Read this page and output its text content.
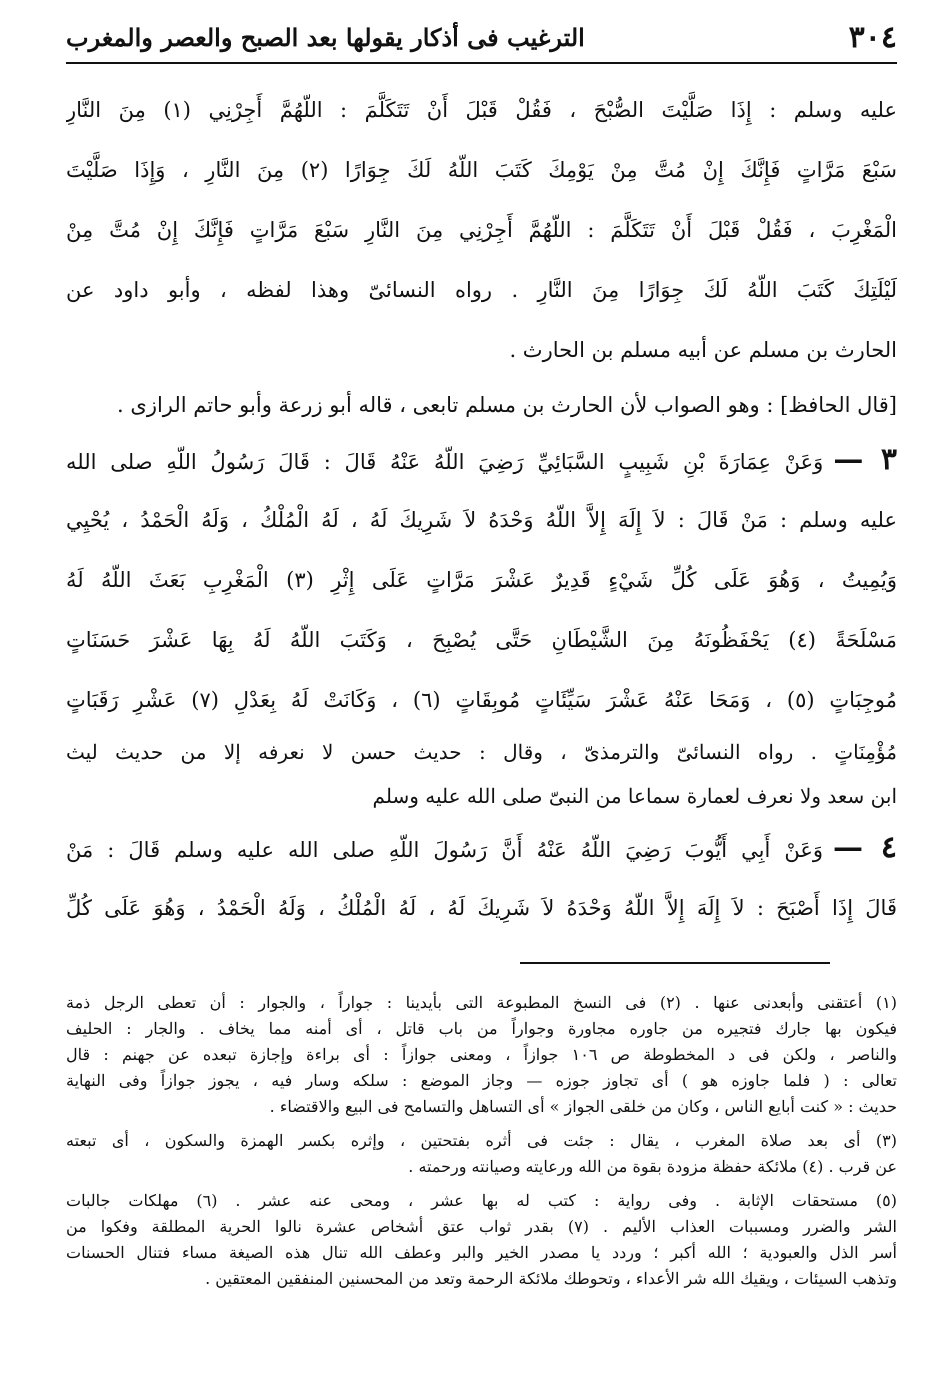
٣٠٤
الترغيب فى أذكار يقولها بعد الصبح والعصر والمغرب
عليه وسلم : إِذَا صَلَّيْتَ الصُّبْحَ ، فَقُلْ قَبْلَ أَنْ تَتَكَلَّمَ : اللّهُمَّ أَجِرْنِي (١) مِنَ النَّارِ
سَبْعَ مَرَّاتٍ فَإِنَّكَ إِنْ مُتَّ مِنْ يَوْمِكَ كَتَبَ اللّهُ لَكَ جِوَارًا (٢) مِنَ النَّارِ ، وَإِذَا صَلَّيْتَ
الْمَغْرِبَ ، فَقُلْ قَبْلَ أَنْ تَتَكَلَّمَ : اللّهُمَّ أَجِرْنِي مِنَ النَّارِ سَبْعَ مَرَّاتٍ فَإِنَّكَ إِنْ مُتَّ مِنْ
لَيْلَتِكَ كَتَبَ اللّهُ لَكَ جِوَارًا مِنَ النَّارِ . رواه النسائىّ وهذا لفظه ، وأبو داود عن
الحارث بن مسلم عن أبيه مسلم بن الحارث .
[قال الحافظ] : وهو الصواب لأن الحارث بن مسلم تابعى ، قاله أبو زرعة وأبو حاتم الرازى .
٣ —وَعَنْ عِمَارَةَ بْنِ شَبِيبٍ السَّبَائِيِّ رَضِيَ اللّهُ عَنْهُ قَالَ : قَالَ رَسُولُ اللّهِ صلى الله
عليه وسلم : مَنْ قَالَ : لاَ إِلَهَ إِلاَّ اللّهُ وَحْدَهُ لاَ شَرِيكَ لَهُ ، لَهُ الْمُلْكُ ، وَلَهُ الْحَمْدُ ، يُحْيِي
وَيُمِيتُ ، وَهُوَ عَلَى كُلِّ شَيْءٍ قَدِيرٌ عَشْرَ مَرَّاتٍ عَلَى إِثْرِ (٣) الْمَغْرِبِ بَعَثَ اللّهُ لَهُ
مَسْلَحَةً (٤) يَحْفَظُونَهُ مِنَ الشَّيْطَانِ حَتَّى يُصْبِحَ ، وَكَتَبَ اللّهُ لَهُ بِهَا عَشْرَ حَسَنَاتٍ
مُوجِبَاتٍ (٥) ، وَمَحَا عَنْهُ عَشْرَ سَيِّئَاتٍ مُوبِقَاتٍ (٦) ، وَكَانَتْ لَهُ بِعَدْلِ (٧) عَشْرِ رَقَبَاتٍ
مُؤْمِنَاتٍ . رواه النسائىّ والترمذىّ ، وقال : حديث حسن لا نعرفه إلا من حديث ليث
ابن سعد ولا نعرف لعمارة سماعا من النبىّ صلى الله عليه وسلم
٤ —وَعَنْ أَبِي أَيُّوبَ رَضِيَ اللّهُ عَنْهُ أَنَّ رَسُولَ اللّهِ صلى الله عليه وسلم قَالَ : مَنْ
قَالَ إِذَا أَصْبَحَ : لاَ إِلَهَ إِلاَّ اللّهُ وَحْدَهُ لاَ شَرِيكَ لَهُ ، لَهُ الْمُلْكُ ، وَلَهُ الْحَمْدُ ، وَهُوَ عَلَى كُلِّ
(١) أعتقنى وأبعدنى عنها . (٢) فى النسخ المطبوعة التى بأيدينا : جواراً ، والجوار : أن تعطى الرجل ذمة
فيكون بها جارك فتجيره من جاوره مجاورة وجواراً من باب قاتل ، أى أمنه مما يخاف . والجار : الحليف
والناصر ، ولكن فى د المخطوطة ص ١٠٦ جوازاً ، ومعنى جوازاً : أى براءة وإجازة تبعده عن جهنم : قال
تعالى : ( فلما جاوزه هو ) أى تجاوز جوزه — وجاز الموضع : سلكه وسار فيه ، يجوز جوازاً وفى النهاية
حديث : « كنت أبايع الناس ، وكان من خلقى الجواز » أى التساهل والتسامح فى البيع والاقتضاء .
(٣) أى بعد صلاة المغرب ، يقال : جئت فى أثره بفتحتين ، وإثره بكسر الهمزة والسكون ، أى تبعته
عن قرب . (٤) ملائكة حفظة مزودة بقوة من الله ورعايته وصيانته ورحمته .
(٥) مستحقات الإثابة . وفى رواية : كتب له بها عشر ، ومحى عنه عشر . (٦) مهلكات جالبات
الشر والضرر ومسببات العذاب الأليم . (٧) بقدر ثواب عتق أشخاص عشرة نالوا الحرية المطلقة وفكوا من
أسر الذل والعبودية ؛ الله أكبر ؛ وردد يا مصدر الخير والبر وعطف الله تنال هذه الصيغة مساء فتنال الحسنات
وتذهب السيئات ، ويقيك الله شر الأعداء ، وتحوطك ملائكة الرحمة وتعد من المحسنين المنفقين المعتقين .
